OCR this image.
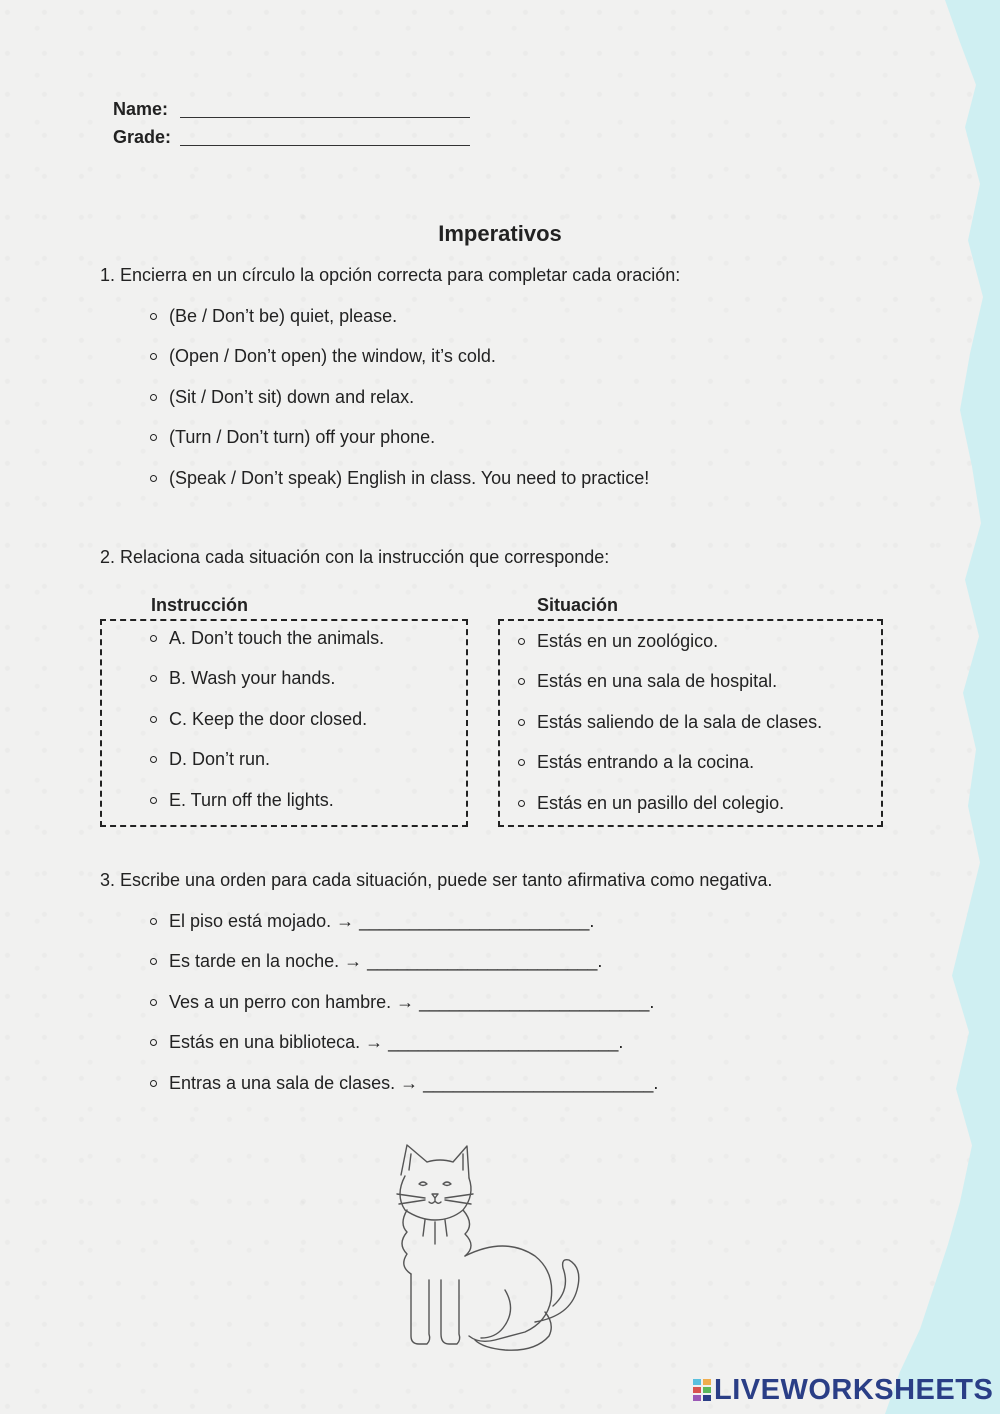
Name:
Grade:
Imperativos
1. Encierra en un círculo la opción correcta para completar cada oración:
(Be / Don’t be) quiet, please.
(Open / Don’t open) the window, it’s cold.
(Sit / Don’t sit) down and relax.
(Turn / Don’t turn) off your phone.
(Speak / Don’t speak) English in class. You need to practice!
2. Relaciona cada situación con la instrucción que corresponde:
Instrucción	Situación
A. Don’t touch the animals.
B. Wash your hands.
C. Keep the door closed.
D. Don’t run.
E. Turn off the lights.
Estás en un zoológico.
Estás en una sala de hospital.
Estás saliendo de la sala de clases.
Estás entrando a la cocina.
Estás en un pasillo del colegio.
3. Escribe una orden para cada situación, puede ser tanto afirmativa como negativa.
El piso está mojado. → _______________________.
Es tarde en la noche. → _______________________.
Ves a un perro con hambre. → _______________________.
Estás en una biblioteca. → _______________________.
Entras a una sala de clases. → _______________________.
LIVEWORKSHEETS
